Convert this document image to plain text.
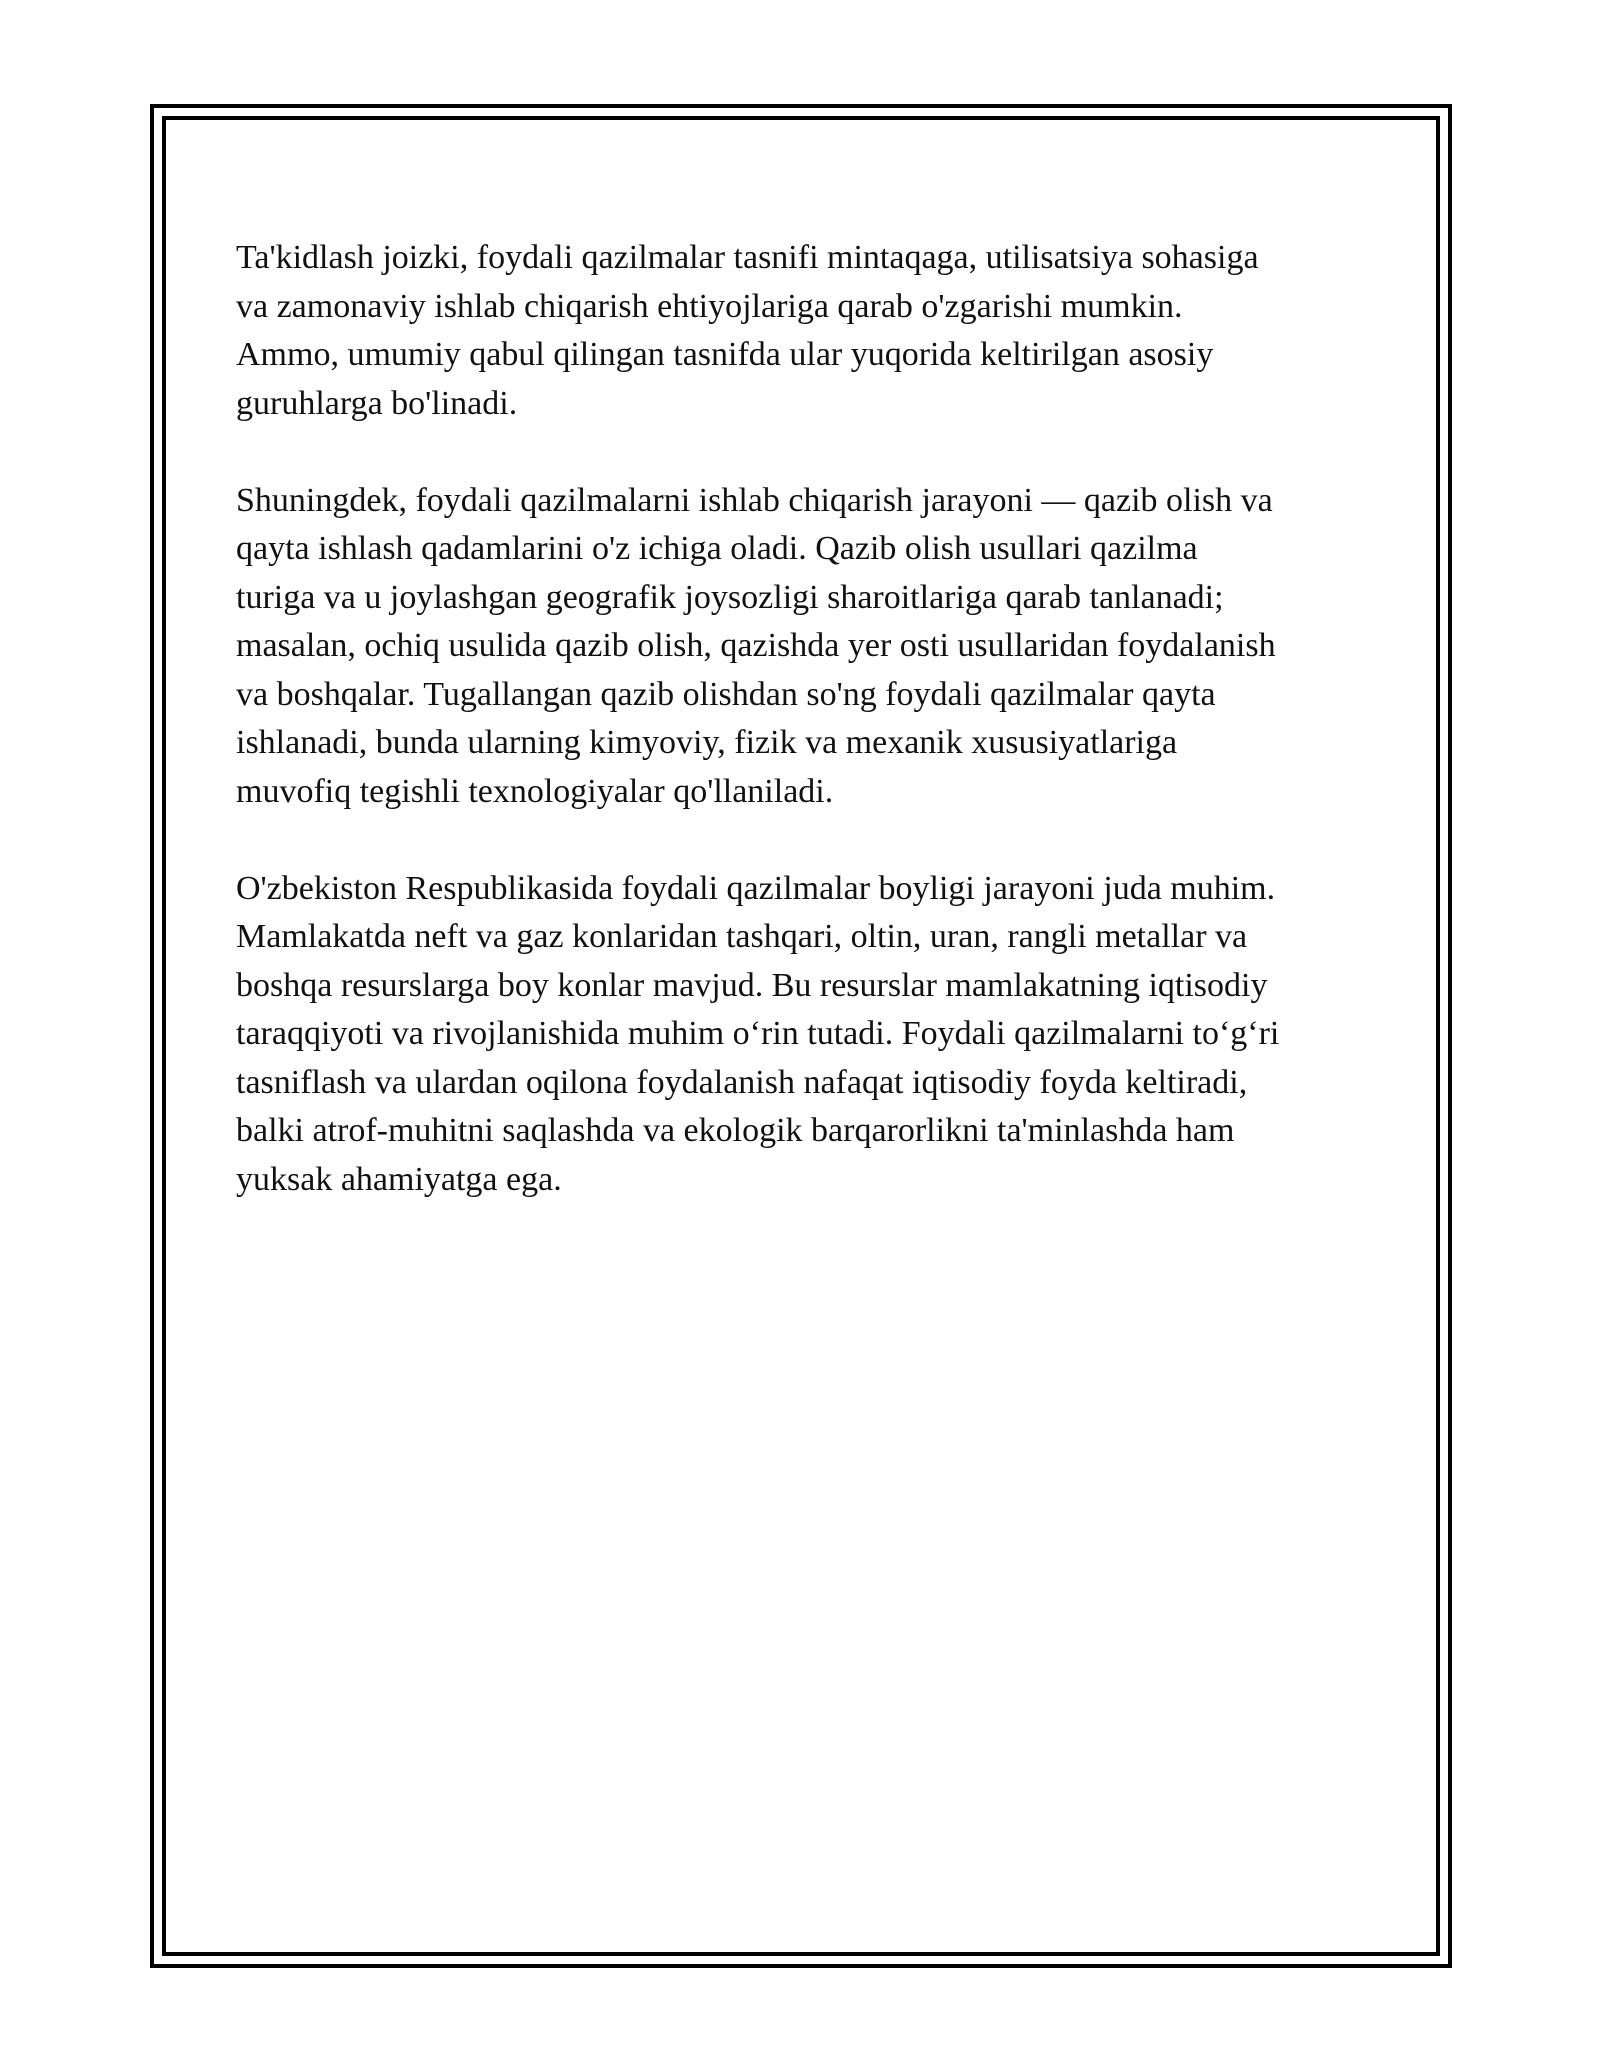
Ta'kidlash joizki, foydali qazilmalar tasnifi mintaqaga, utilisatsiya sohasiga
va zamonaviy ishlab chiqarish ehtiyojlariga qarab o'zgarishi mumkin.
Ammo, umumiy qabul qilingan tasnifda ular yuqorida keltirilgan asosiy
guruhlarga bo'linadi.

Shuningdek, foydali qazilmalarni ishlab chiqarish jarayoni — qazib olish va
qayta ishlash qadamlarini o'z ichiga oladi. Qazib olish usullari qazilma
turiga va u joylashgan geografik joysozligi sharoitlariga qarab tanlanadi;
masalan, ochiq usulida qazib olish, qazishda yer osti usullaridan foydalanish
va boshqalar. Tugallangan qazib olishdan so'ng foydali qazilmalar qayta
ishlanadi, bunda ularning kimyoviy, fizik va mexanik xususiyatlariga
muvofiq tegishli texnologiyalar qo'llaniladi.

O'zbekiston Respublikasida foydali qazilmalar boyligi jarayoni juda muhim.
Mamlakatda neft va gaz konlaridan tashqari, oltin, uran, rangli metallar va
boshqa resurslarga boy konlar mavjud. Bu resurslar mamlakatning iqtisodiy
taraqqiyoti va rivojlanishida muhim o‘rin tutadi. Foydali qazilmalarni to‘g‘ri
tasniflash va ulardan oqilona foydalanish nafaqat iqtisodiy foyda keltiradi,
balki atrof-muhitni saqlashda va ekologik barqarorlikni ta'minlashda ham
yuksak ahamiyatga ega.
